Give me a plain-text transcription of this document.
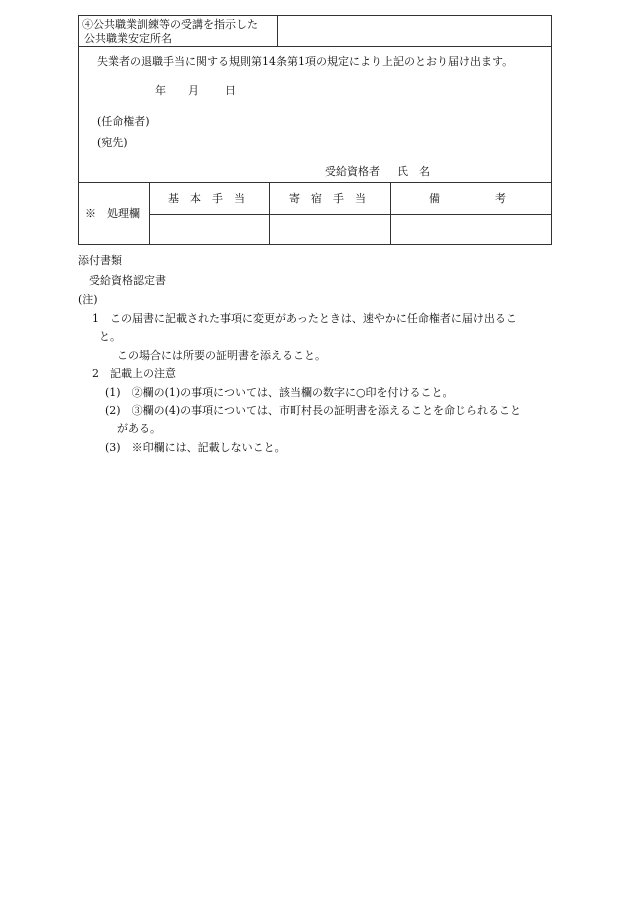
④公共職業訓練等の受講を指示した
公共職業安定所名
失業者の退職手当に関する規則第14条第1項の規定により上記のとおり届け出ます。
年 月 日
(任命権者)
(宛先)
受給資格者 氏　名
※　処理欄
基　本　手　当	寄　宿　手　当	備　　　　　考
添付書類
受給資格認定書
(注)
1　この届書に記載された事項に変更があったときは、速やかに任命権者に届け出るこ
と。
この場合には所要の証明書を添えること。
2　記載上の注意
(1)　②欄の(1)の事項については、該当欄の数字に○印を付けること。
(2)　③欄の(4)の事項については、市町村長の証明書を添えることを命じられること
がある。
(3)　※印欄には、記載しないこと。
